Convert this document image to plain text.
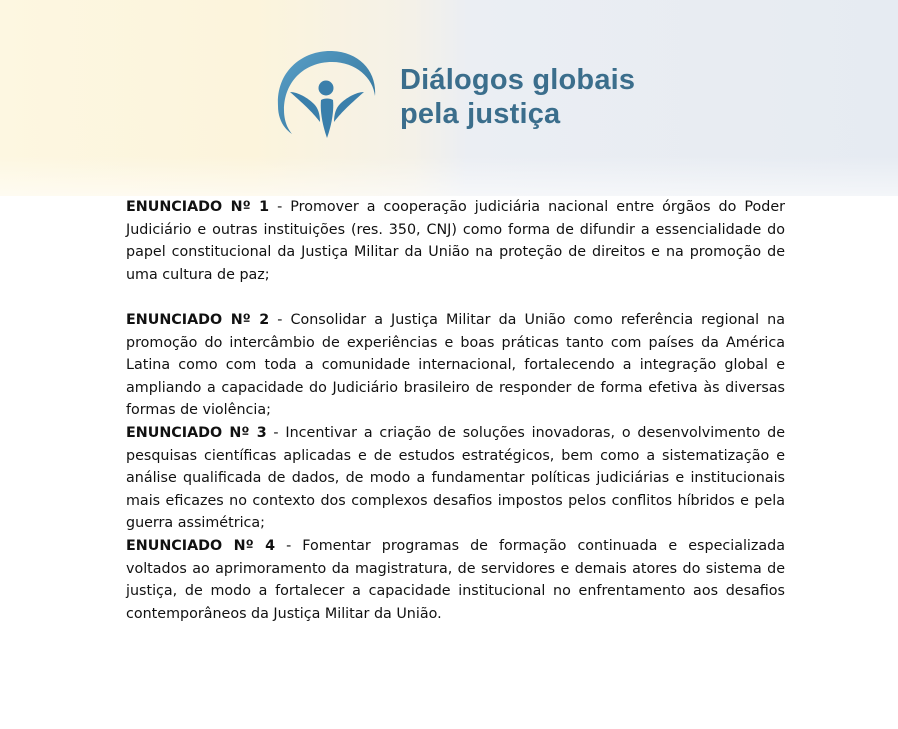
Diálogos globais
pela justiça

ENUNCIADO Nº 1 - Promover a cooperação judiciária nacional entre órgãos do Poder Judiciário e outras instituições (res. 350, CNJ) como forma de difundir a essencialidade do papel constitucional da Justiça Militar da União na proteção de direitos e na promoção de uma cultura de paz;

ENUNCIADO Nº 2 - Consolidar a Justiça Militar da União como referência regional na promoção do intercâmbio de experiências e boas práticas tanto com países da América Latina como com toda a comunidade internacional, fortalecendo a integração global e ampliando a capacidade do Judiciário brasileiro de responder de forma efetiva às diversas formas de violência;

ENUNCIADO Nº 3 - Incentivar a criação de soluções inovadoras, o desenvolvimento de pesquisas científicas aplicadas e de estudos estratégicos, bem como a sistematização e análise qualificada de dados, de modo a fundamentar políticas judiciárias e institucionais mais eficazes no contexto dos complexos desafios impostos pelos conflitos híbridos e pela guerra assimétrica;

ENUNCIADO Nº 4 - Fomentar programas de formação continuada e especializada voltados ao aprimoramento da magistratura, de servidores e demais atores do sistema de justiça, de modo a fortalecer a capacidade institucional no enfrentamento aos desafios contemporâneos da Justiça Militar da União.
